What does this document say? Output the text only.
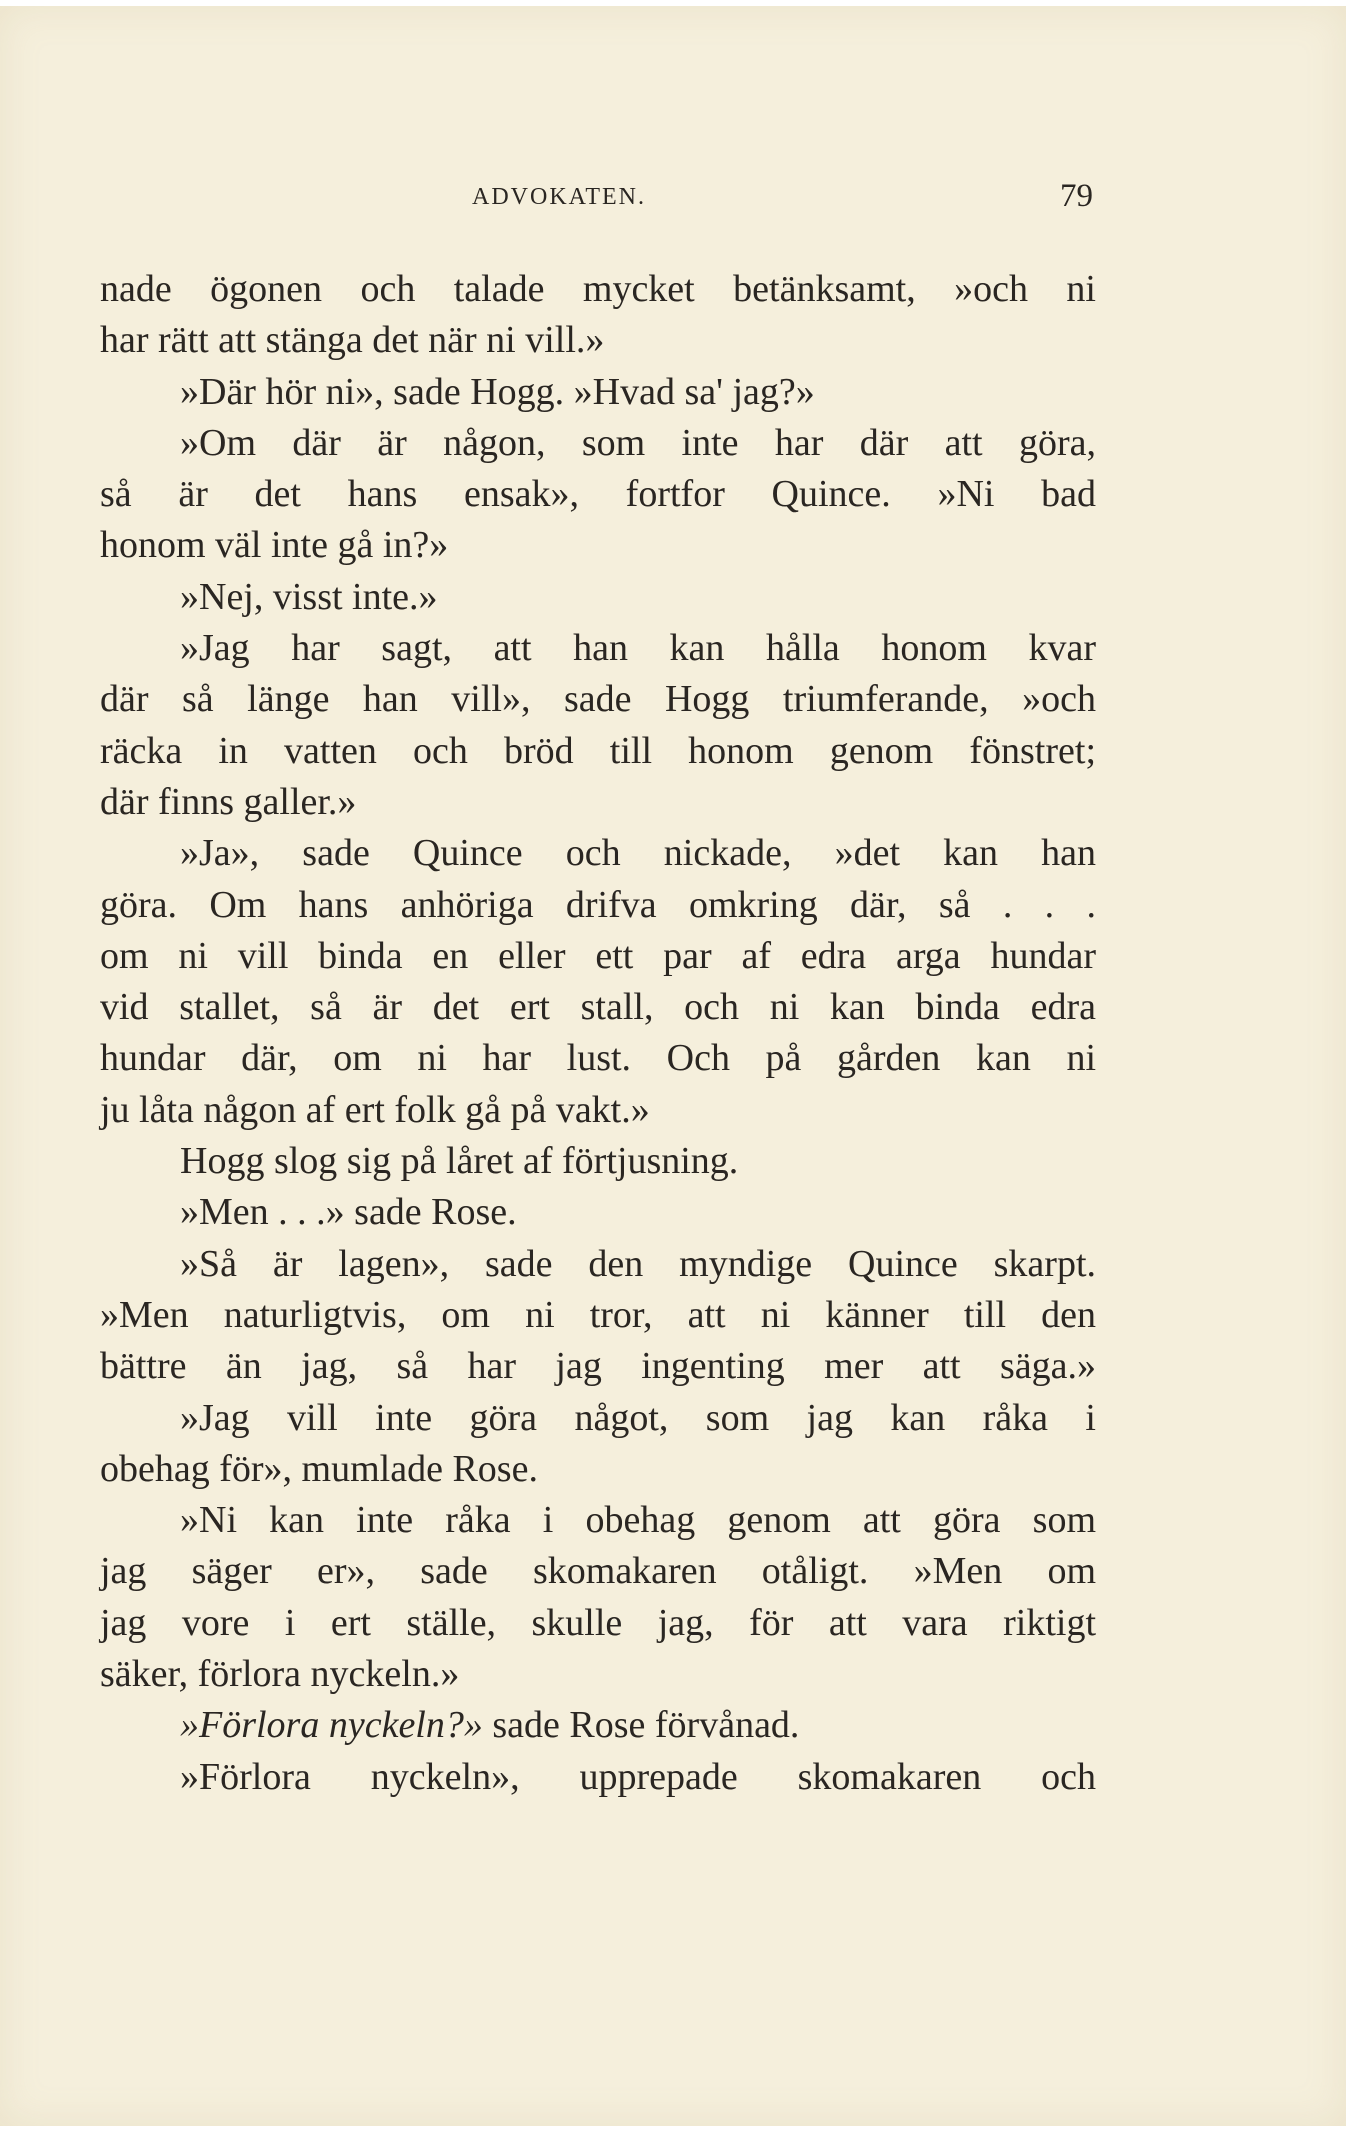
ADVOKATEN.	79
nade ögonen och talade mycket betänksamt, »och ni
har rätt att stänga det när ni vill.»
»Där hör ni», sade Hogg. »Hvad sa' jag?»
»Om där är någon, som inte har där att göra,
så är det hans ensak», fortfor Quince. »Ni bad
honom väl inte gå in?»
»Nej, visst inte.»
»Jag har sagt, att han kan hålla honom kvar
där så länge han vill», sade Hogg triumferande, »och
räcka in vatten och bröd till honom genom fönstret;
där finns galler.»
»Ja», sade Quince och nickade, »det kan han
göra. Om hans anhöriga drifva omkring där, så . . .
om ni vill binda en eller ett par af edra arga hundar
vid stallet, så är det ert stall, och ni kan binda edra
hundar där, om ni har lust. Och på gården kan ni
ju låta någon af ert folk gå på vakt.»
Hogg slog sig på låret af förtjusning.
»Men . . .» sade Rose.
»Så är lagen», sade den myndige Quince skarpt.
»Men naturligtvis, om ni tror, att ni känner till den
bättre än jag, så har jag ingenting mer att säga.»
»Jag vill inte göra något, som jag kan råka i
obehag för», mumlade Rose.
»Ni kan inte råka i obehag genom att göra som
jag säger er», sade skomakaren otåligt. »Men om
jag vore i ert ställe, skulle jag, för att vara riktigt
säker, förlora nyckeln.»
»Förlora nyckeln?» sade Rose förvånad.
»Förlora nyckeln», upprepade skomakaren och
